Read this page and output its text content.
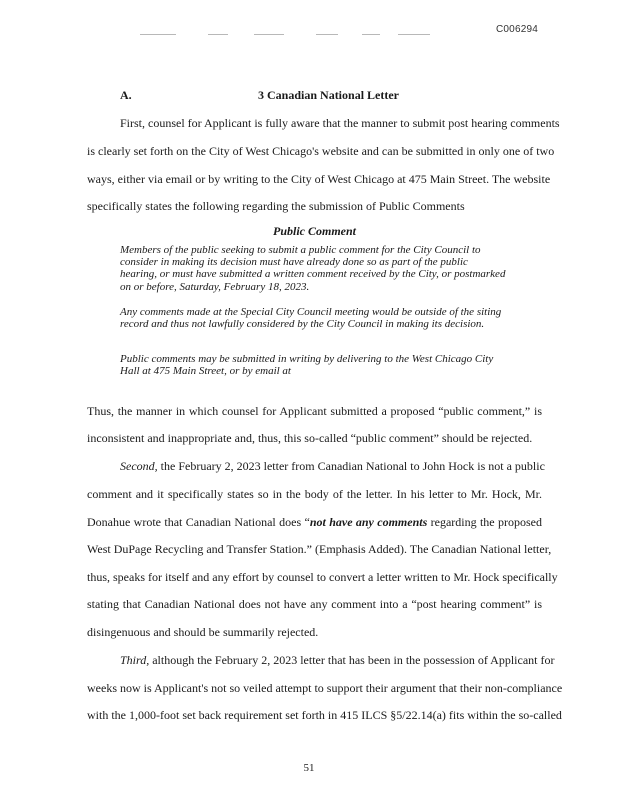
C006294
A.	3 Canadian National Letter
First, counsel for Applicant is fully aware that the manner to submit post hearing comments
is clearly set forth on the City of West Chicago's website and can be submitted in only one of two
ways, either via email or by writing to the City of West Chicago at 475 Main Street. The website
specifically states the following regarding the submission of Public Comments
Public Comment
Members of the public seeking to submit a public comment for the City Council to consider in making its decision must have already done so as part of the public hearing, or must have submitted a written comment received by the City, or postmarked on or before, Saturday, February 18, 2023.
Any comments made at the Special City Council meeting would be outside of the siting record and thus not lawfully considered by the City Council in making its decision.
Public comments may be submitted in writing by delivering to the West Chicago City Hall at 475 Main Street, or by email at
Thus, the manner in which counsel for Applicant submitted a proposed “public comment,” is
inconsistent and inappropriate and, thus, this so-called “public comment” should be rejected.
Second, the February 2, 2023 letter from Canadian National to John Hock is not a public
comment and it specifically states so in the body of the letter. In his letter to Mr. Hock, Mr.
Donahue wrote that Canadian National does “not have any comments regarding the proposed
West DuPage Recycling and Transfer Station.” (Emphasis Added). The Canadian National letter,
thus, speaks for itself and any effort by counsel to convert a letter written to Mr. Hock specifically
stating that Canadian National does not have any comment into a “post hearing comment” is
disingenuous and should be summarily rejected.
Third, although the February 2, 2023 letter that has been in the possession of Applicant for
weeks now is Applicant's not so veiled attempt to support their argument that their non-compliance
with the 1,000-foot set back requirement set forth in 415 ILCS §5/22.14(a) fits within the so-called
51
